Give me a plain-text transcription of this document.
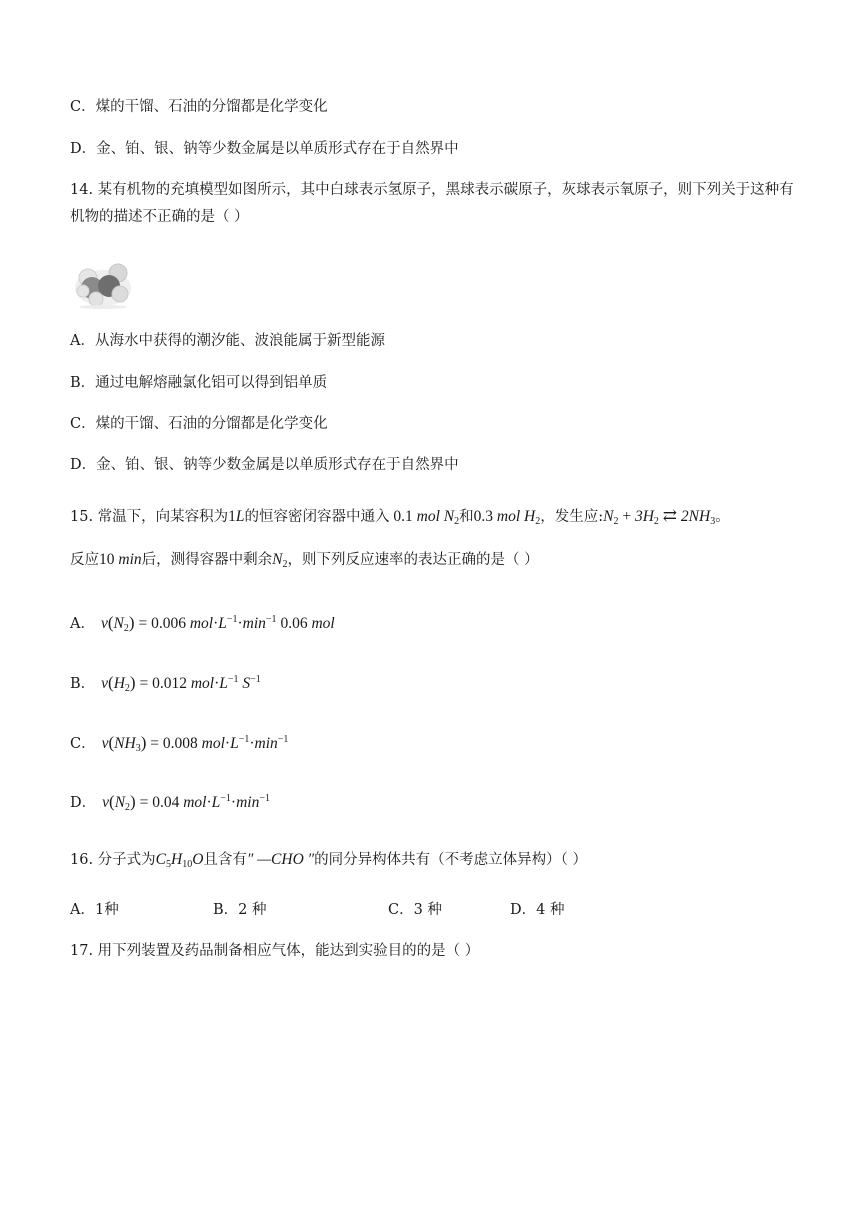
C．煤的干馏、石油的分馏都是化学变化
D．金、铂、银、钠等少数金属是以单质形式存在于自然界中
14. 某有机物的充填模型如图所示，其中白球表示氢原子，黑球表示碳原子，灰球表示氧原子，则下列关于这种有机物的描述不正确的是（ ）
A．从海水中获得的潮汐能、波浪能属于新型能源
B．通过电解熔融氯化铝可以得到铝单质
C．煤的干馏、石油的分馏都是化学变化
D．金、铂、银、钠等少数金属是以单质形式存在于自然界中
15. 常温下，向某容积为1L的恒容密闭容器中通入 0.1 mol $N_2$和0.3 mol $H_2$，发生应$:N_2 + 3H_2$ ⇄ $2NH_3$。
反应10 min后，测得容器中剩余$N_2$，则下列反应速率的表达正确的是（ ）
A． $v(N_2) = 0.006$ $mol\cdot L^{-1}\cdot\min^{-1}$ 0.06 mol
B． $v(H_2) = 0.012$ $mol\cdot L^{-1}$ $S^{-1}$
C． $v(NH_3) = 0.008$ $mol\cdot L^{-1}\cdot\min^{-1}$
D． $v(N_2) = 0.04$ $mol\cdot L^{-1}\cdot\min^{-1}$
16. 分子式为$C_5H_{10}O$且含有″ —CHO ″的同分异构体共有（不考虑立体异构）（ ）
A．1种	B．2 种	C．3 种	D．4 种
17. 用下列装置及药品制备相应气体，能达到实验目的的是（ ）
